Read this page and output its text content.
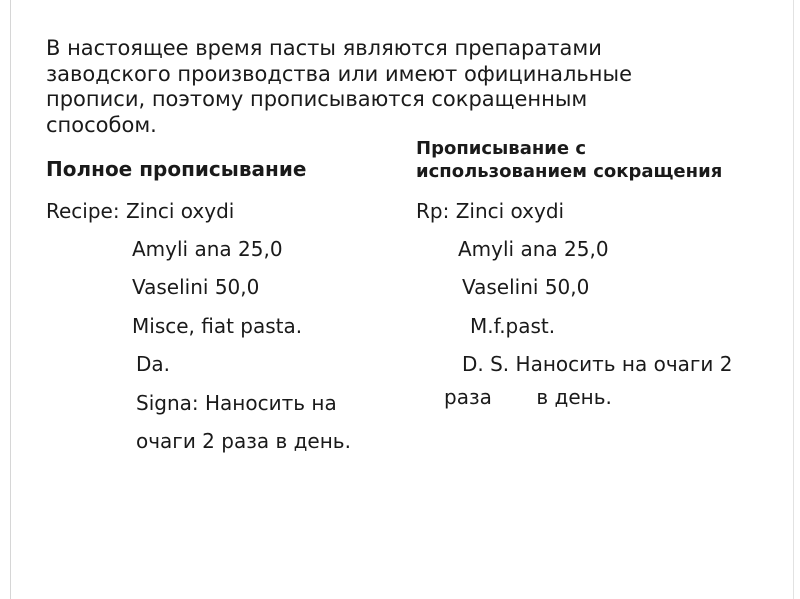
В настоящее время пасты являются препаратами
заводского производства или имеют официнальные
прописи, поэтому прописываются сокращенным
способом.
Полное прописывание
Прописывание с
использованием сокращения
Recipe: Zinci oxydi
Amyli ana 25,0
Vaselini 50,0
Misce, fiat pasta.
Da.
Signa: Наносить на
очаги 2 раза в день.
Rp: Zinci oxydi
Amyli ana 25,0
Vaselini 50,0
M.f.past.
D. S. Наносить на очаги 2
раза       в день.
